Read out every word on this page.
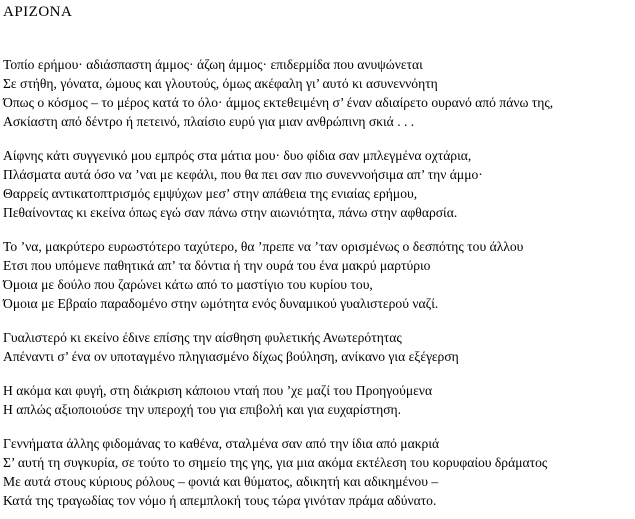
ΑΡΙΖΟΝΑ
Τοπίο ερήμου· αδιάσπαστη άμμος· άζωη άμμος· επιδερμίδα που ανυψώνεται
Σε στήθη, γόνατα, ώμους και γλουτούς, όμως ακέφαλη γι’ αυτό κι ασυνεννόητη
Όπως ο κόσμος – το μέρος κατά το όλο· άμμος εκτεθειμένη σ’ έναν αδιαίρετο ουρανό από πάνω της,
Ασκίαστη από δέντρο ή πετεινό, πλαίσιο ευρύ για μιαν ανθρώπινη σκιά . . .
Αίφνης κάτι συγγενικό μου εμπρός στα μάτια μου· δυο φίδια σαν μπλεγμένα οχτάρια,
Πλάσματα αυτά όσο να ’ναι με κεφάλι, που θα πει σαν πιο συνεννοήσιμα απ’ την άμμο·
Θαρρείς αντικατοπτρισμός εμψύχων μεσ’ στην απάθεια της ενιαίας ερήμου,
Πεθαίνοντας κι εκείνα όπως εγώ σαν πάνω στην αιωνιότητα, πάνω στην αφθαρσία.
Το ’να, μακρύτερο ευρωστότερο ταχύτερο, θα ’πρεπε να ’ταν ορισμένως ο δεσπότης του άλλου
Ετσι που υπόμενε παθητικά απ’ τα δόντια ή την ουρά του ένα μακρύ μαρτύριο
Όμοια με δούλο που ζαρώνει κάτω από το μαστίγιο του κυρίου του,
Όμοια με Εβραίο παραδομένο στην ωμότητα ενός δυναμικού γυαλιστερού ναζί.
Γυαλιστερό κι εκείνο έδινε επίσης την αίσθηση φυλετικής Ανωτερότητας
Απέναντι σ’ ένα ον υποταγμένο πληγιασμένο δίχως βούληση, ανίκανο για εξέγερση
Η ακόμα και φυγή, στη διάκριση κάποιου νταή που ’χε μαζί του Προηγούμενα
Η απλώς αξιοποιούσε την υπεροχή του για επιβολή και για ευχαρίστηση.
Γεννήματα άλλης φιδομάνας το καθένα, σταλμένα σαν από την ίδια από μακριά
Σ’ αυτή τη συγκυρία, σε τούτο το σημείο της γης, για μια ακόμα εκτέλεση του κορυφαίου δράματος
Με αυτά στους κύριους ρόλους – φονιά και θύματος, αδικητή και αδικημένου –
Κατά της τραγωδίας τον νόμο ή απεμπλοκή τους τώρα γινόταν πράμα αδύνατο.
